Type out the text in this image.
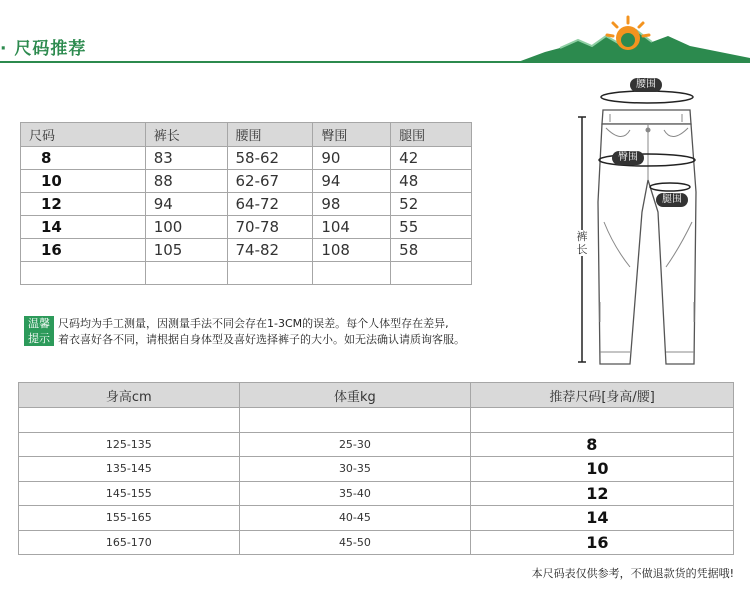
· 尺码推荐
尺码	裤长	腰围	臀围	腿围
8	83	58-62	90	42
10	88	62-67	94	48
12	94	64-72	98	52
14	100	70-78	104	55
16	105	74-82	108	58

温馨
提示
尺码均为手工测量，因测量手法不同会存在1-3CM的误差。每个人体型存在差异,
着衣喜好各不同，请根据自身体型及喜好选择裤子的大小。如无法确认请质询客服。
腰围
臀围
腿围
裤长
身高cm	体重kg	推荐尺码[身高/腰]

125-135	25-30	8
135-145	30-35	10
145-155	35-40	12
155-165	40-45	14
165-170	45-50	16
本尺码表仅供参考，不做退款货的凭据哦!
